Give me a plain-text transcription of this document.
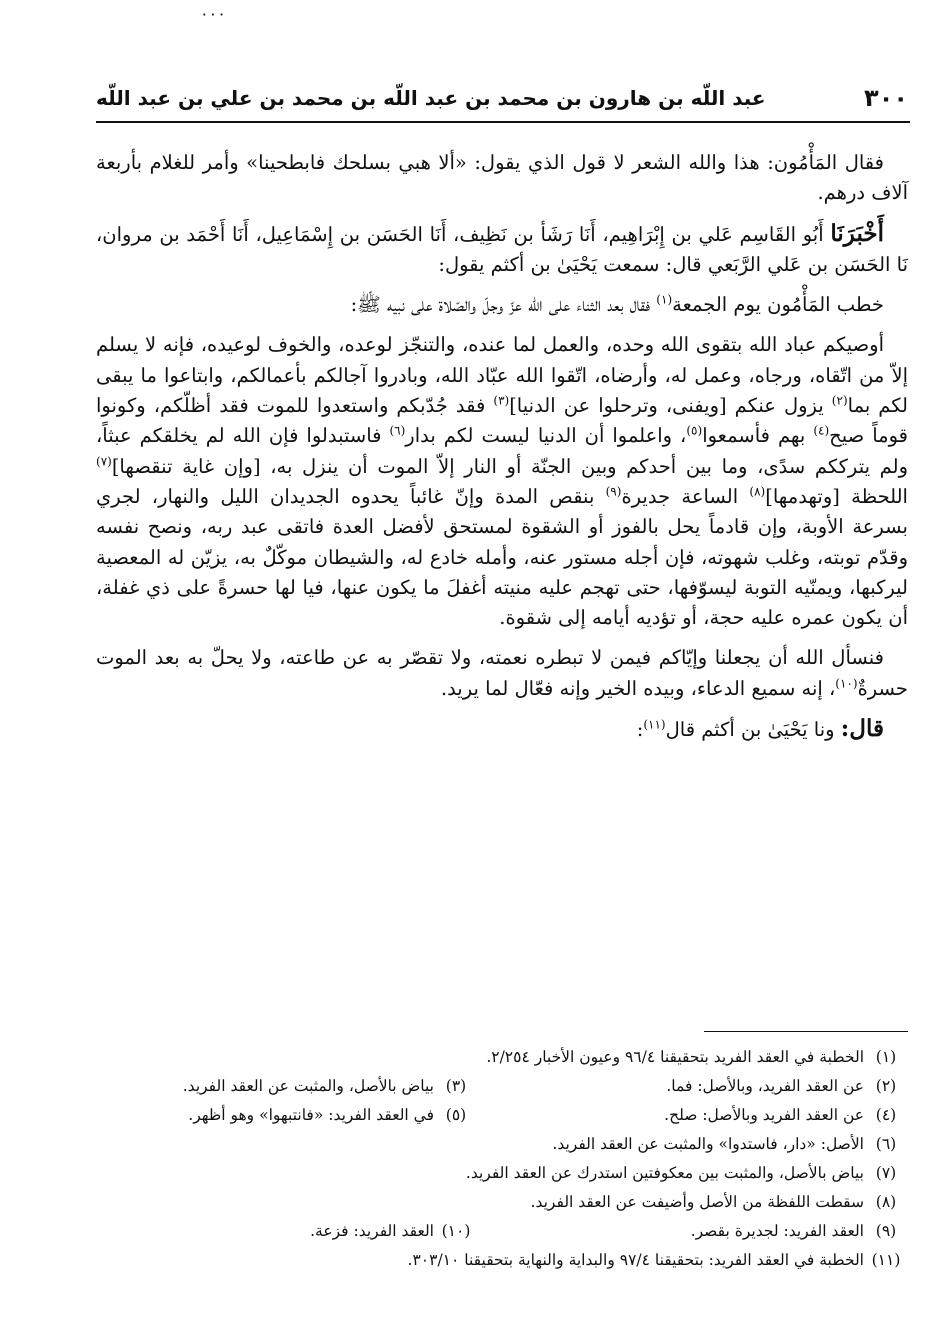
٠٠٠
٣٠٠
عبد اللّه بن هارون بن محمد بن عبد اللّه بن محمد بن علي بن عبد اللّه

فقال المَأْمُون: هذا والله الشعر لا قول الذي يقول: «ألا هبي بسلحك فابطحينا» وأمر للغلام بأربعة آلاف درهم.

أَخْبَرَنَا أَبُو القَاسِم عَلي بن إِبْرَاهِيم، أَنَا رَشَأ بن نَظِيف، أَنَا الحَسَن بن إِسْمَاعِيل، أَنَا أَحْمَد بن مروان، نَا الحَسَن بن عَلي الرَّبَعي قال: سمعت يَحْيَىٰ بن أكثم يقول:

خطب المَأْمُون يوم الجمعة$^{(١)}$ فقال بعد الثناء على الله عزّ وجلّ والصّلاة على نبيه ﷺ:

أوصيكم عباد الله بتقوى الله وحده، والعمل لما عنده، والتنجّز لوعده، والخوف لوعيده، فإنه لا يسلم إلاّ من اتّقاه، ورجاه، وعمل له، وأرضاه، اتّقوا الله عبّاد الله، وبادروا آجالكم بأعمالكم، وابتاعوا ما يبقى لكم بما$^{(٢)}$ يزول عنكم [ويفنى، وترحلوا عن الدنيا]$^{(٣)}$ فقد جُدّبكم واستعدوا للموت فقد أظلّكم، وكونوا قوماً صيح$^{(٤)}$ بهم فأسمعوا$^{(٥)}$، واعلموا أن الدنيا ليست لكم بدار$^{(٦)}$ فاستبدلوا فإن الله لم يخلقكم عبثاً، ولم يترككم سدًى، وما بين أحدكم وبين الجنّة أو النار إلاّ الموت أن ينزل به، [وإن غاية تنقصها]$^{(٧)}$ اللحظة [وتهدمها]$^{(٨)}$ الساعة جديرة$^{(٩)}$ بنقص المدة وإنّ غائباً يحدوه الجديدان الليل والنهار، لجري بسرعة الأوبة، وإن قادماً يحل بالفوز أو الشقوة لمستحق لأفضل العدة فاتقى عبد ربه، ونصح نفسه وقدّم توبته، وغلب شهوته، فإن أجله مستور عنه، وأمله خادع له، والشيطان موكّلٌ به، يزيّن له المعصية ليركبها، ويمنّيه التوبة ليسوّفها، حتى تهجم عليه منيته أغفلَ ما يكون عنها، فيا لها حسرةً على ذي غفلة، أن يكون عمره عليه حجة، أو تؤديه أيامه إلى شقوة.

فنسأل الله أن يجعلنا وإيّاكم فيمن لا تبطره نعمته، ولا تقصّر به عن طاعته، ولا يحلّ به بعد الموت حسرةٌ$^{(١٠)}$، إنه سميع الدعاء، وبيده الخير وإنه فعّال لما يريد.

قال: ونا يَحْيَىٰ بن أكثم قال$^{(١١)}$:

(١)
الخطبة في العقد الفريد بتحقيقنا ٩٦/٤ وعيون الأخبار ٢/٢٥٤.
(٢)
عن العقد الفريد، وبالأصل: فما.
(٣)
بياض بالأصل، والمثبت عن العقد الفريد.
(٤)
عن العقد الفريد وبالأصل: صلح.
(٥)
في العقد الفريد: «فانتبهوا» وهو أظهر.
(٦)
الأصل: «دار، فاستدوا» والمثبت عن العقد الفريد.
(٧)
بياض بالأصل، والمثبت بين معكوفتين استدرك عن العقد الفريد.
(٨)
سقطت اللفظة من الأصل وأضيفت عن العقد الفريد.
(٩)
العقد الفريد: لجديرة بقصر.
(١٠)
العقد الفريد: فزعة.
(١١)
الخطبة في العقد الفريد: بتحقيقنا ٩٧/٤ والبداية والنهاية بتحقيقنا ٣٠٣/١٠.
